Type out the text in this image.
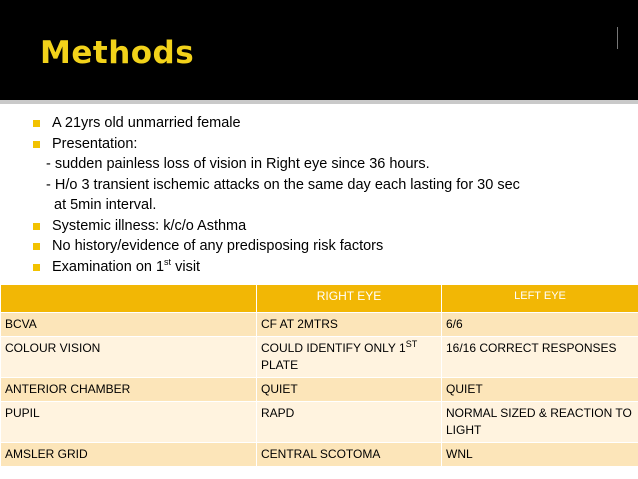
Methods
A 21yrs old unmarried female
Presentation:
- sudden painless loss of vision in Right eye since 36 hours.
- H/o 3 transient ischemic attacks on the same day each lasting for 30 sec
at 5min interval.
Systemic illness: k/c/o Asthma
No history/evidence of any predisposing risk factors
Examination on 1st visit
	RIGHT EYE	LEFT EYE
BCVA	CF AT 2MTRS	6/6
COLOUR VISION	COULD IDENTIFY ONLY 1ST PLATE	16/16 CORRECT RESPONSES
ANTERIOR CHAMBER	QUIET	QUIET
PUPIL	RAPD	NORMAL SIZED & REACTION TO LIGHT
AMSLER GRID	CENTRAL SCOTOMA	WNL
